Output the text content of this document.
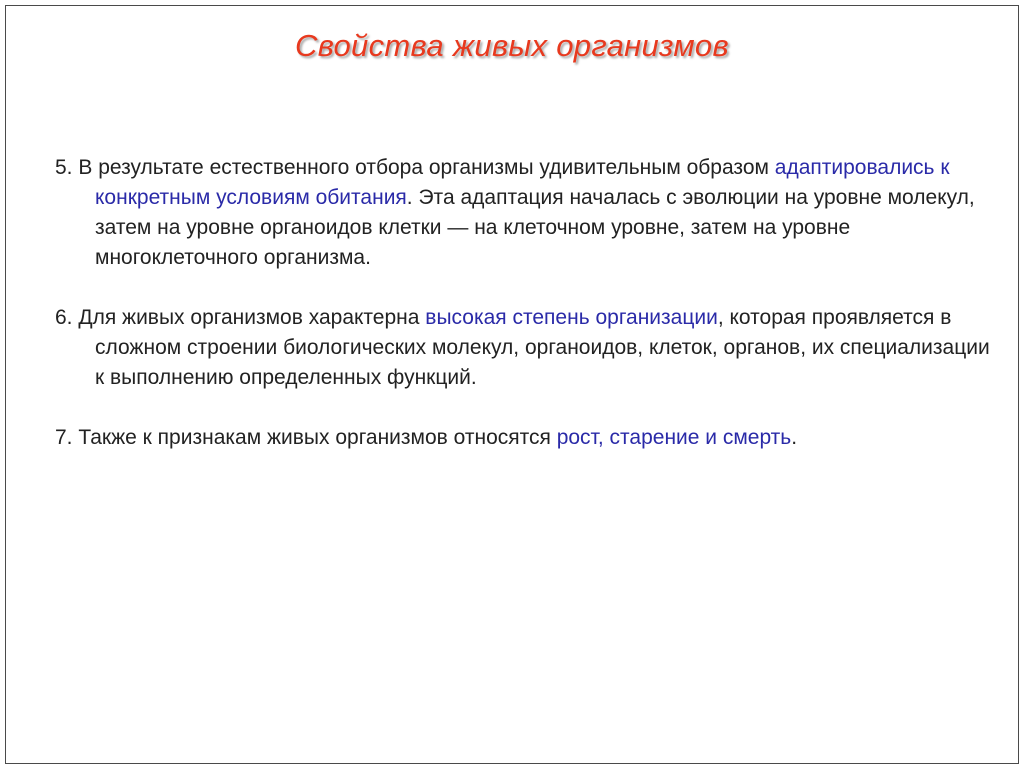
Свойства живых организмов

5. В результате естественного отбора организмы удивительным образом адаптировались к конкретным условиям обитания. Эта адаптация началась с эволюции на уровне молекул, затем на уровне органоидов клетки — на клеточном уровне, затем на уровне многоклеточного организма.

6. Для живых организмов характерна высокая степень организации, которая проявляется в сложном строении биологических молекул, органоидов, клеток, органов, их специализации к выполнению определенных функций.

7. Также к признакам живых организмов относятся рост, старение и смерть.
